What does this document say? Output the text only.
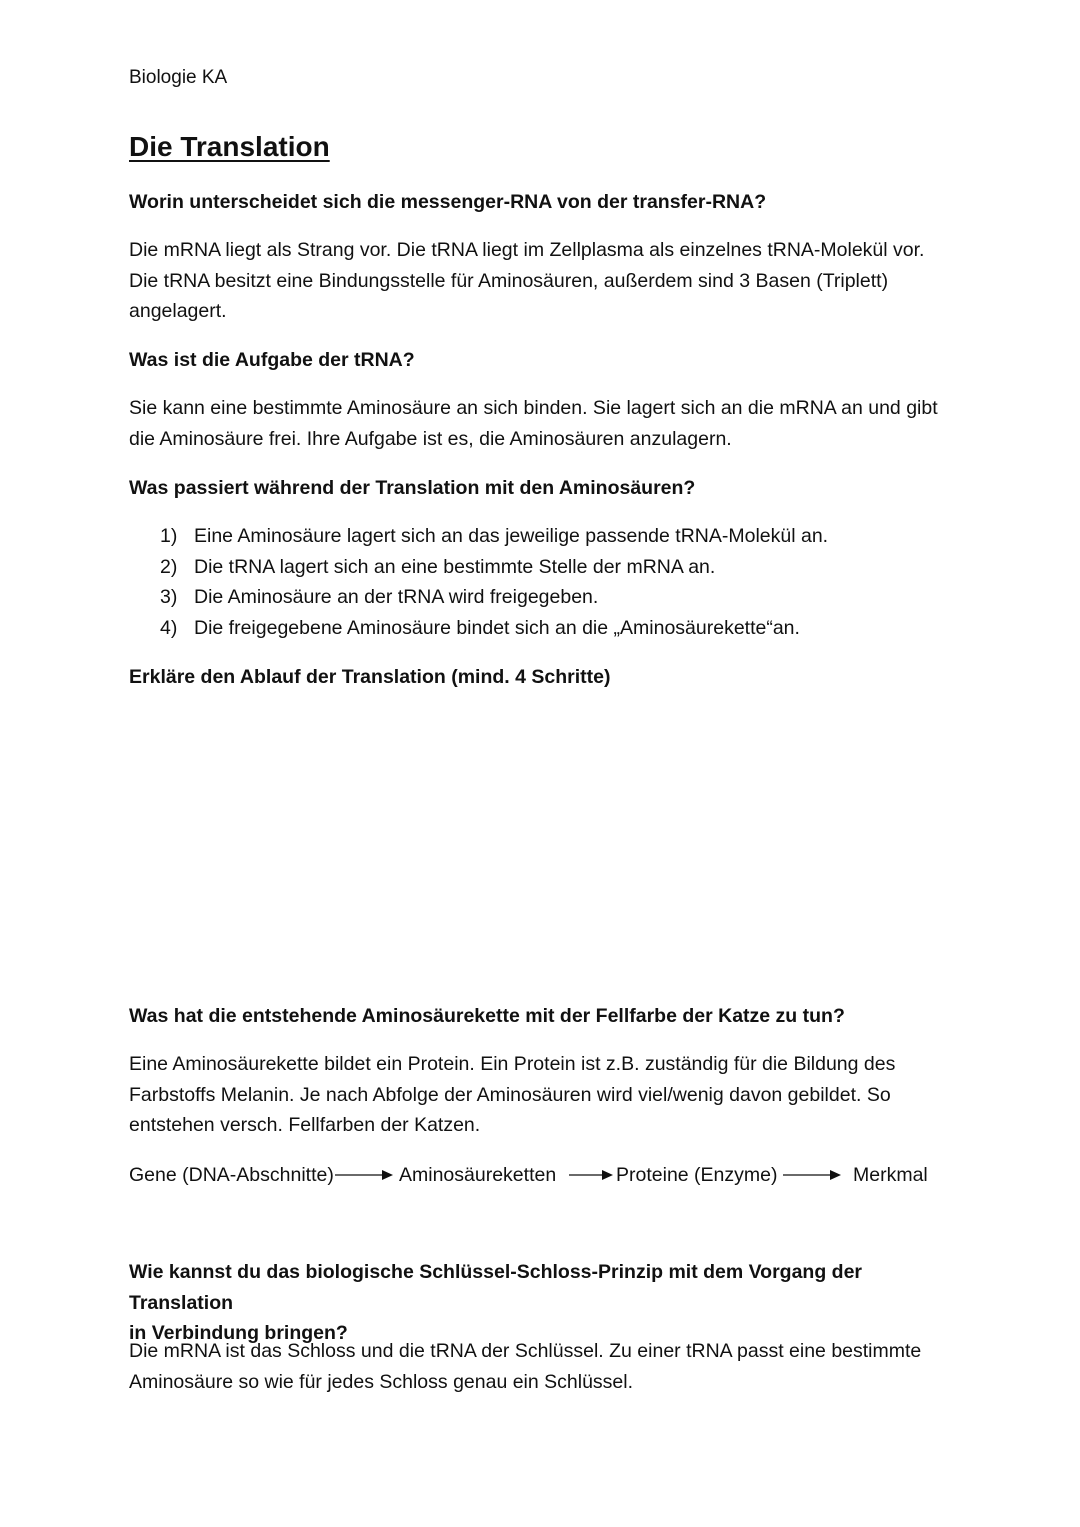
Biologie KA
Die Translation
Worin unterscheidet sich die messenger-RNA von der transfer-RNA?
Die mRNA liegt als Strang vor. Die tRNA liegt im Zellplasma als einzelnes tRNA-Molekül vor.
Die tRNA besitzt eine Bindungsstelle für Aminosäuren, außerdem sind 3 Basen (Triplett)
angelagert.
Was ist die Aufgabe der tRNA?
Sie kann eine bestimmte Aminosäure an sich binden. Sie lagert sich an die mRNA an und gibt
die Aminosäure frei. Ihre Aufgabe ist es, die Aminosäuren anzulagern.
Was passiert während der Translation mit den Aminosäuren?
1) Eine Aminosäure lagert sich an das jeweilige passende tRNA-Molekül an.
2) Die tRNA lagert sich an eine bestimmte Stelle der mRNA an.
3) Die Aminosäure an der tRNA wird freigegeben.
4) Die freigegebene Aminosäure bindet sich an die „Aminosäurekette“an.
Erkläre den Ablauf der Translation (mind. 4 Schritte)
Was hat die entstehende Aminosäurekette mit der Fellfarbe der Katze zu tun?
Eine Aminosäurekette bildet ein Protein. Ein Protein ist z.B. zuständig für die Bildung des
Farbstoffs Melanin. Je nach Abfolge der Aminosäuren wird viel/wenig davon gebildet. So
entstehen versch. Fellfarben der Katzen.
Gene (DNA-Abschnitte)	Aminosäureketten	Proteine (Enzyme)	Merkmal
Wie kannst du das biologische Schlüssel-Schloss-Prinzip mit dem Vorgang der Translation
in Verbindung bringen?
Die mRNA ist das Schloss und die tRNA der Schlüssel. Zu einer tRNA passt eine bestimmte
Aminosäure so wie für jedes Schloss genau ein Schlüssel.
